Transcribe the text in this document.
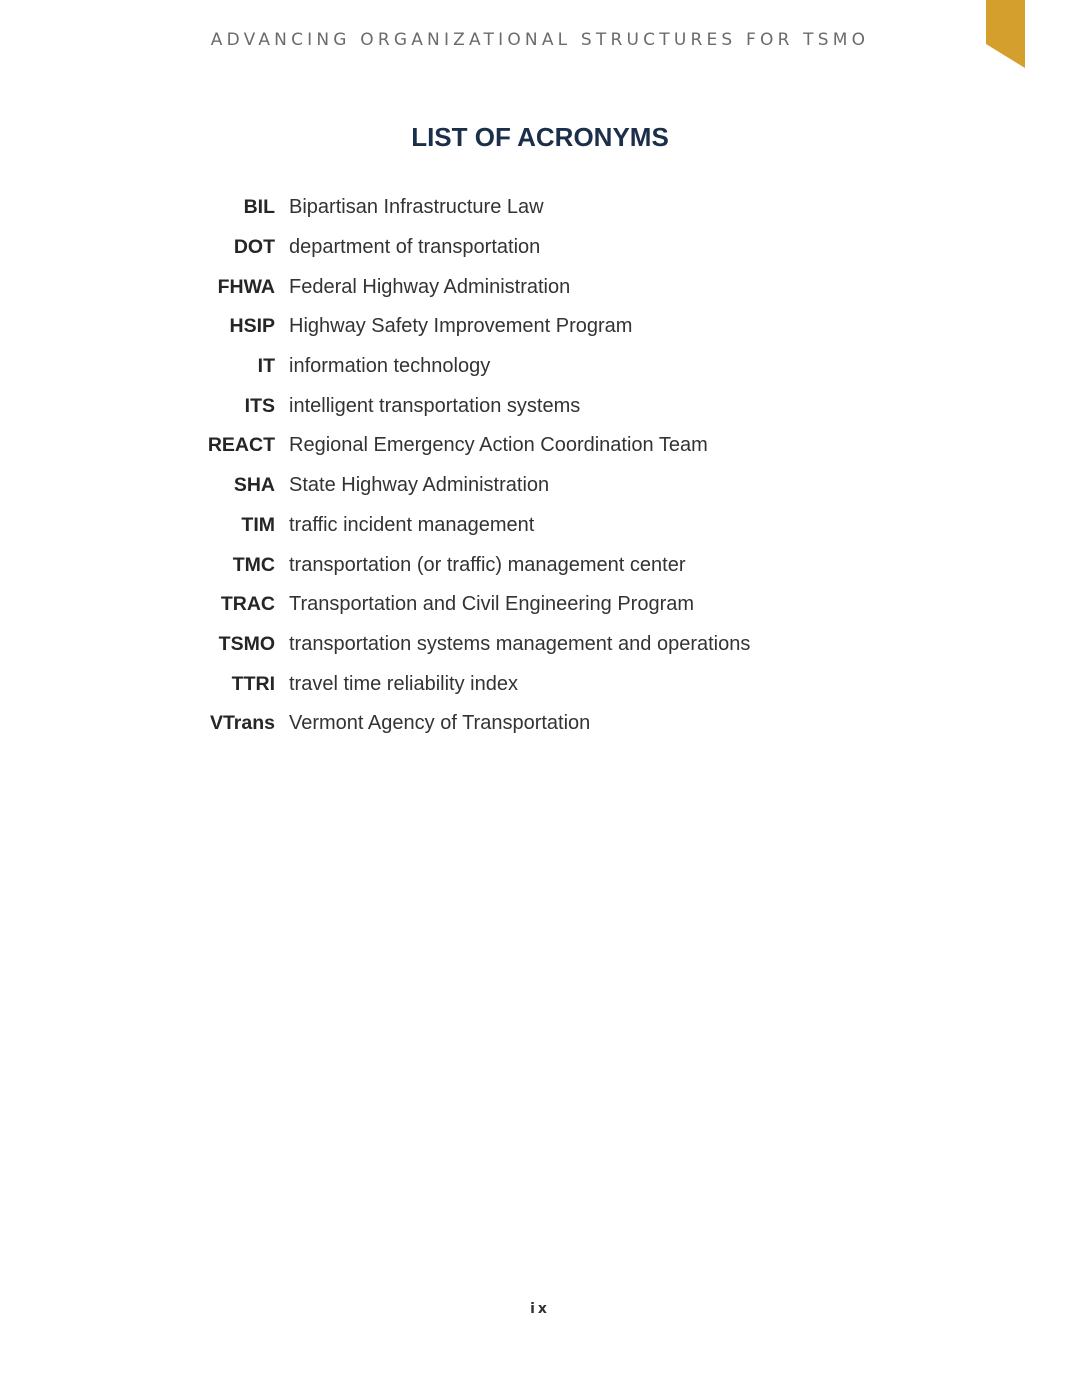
ADVANCING ORGANIZATIONAL STRUCTURES FOR TSMO
LIST OF ACRONYMS
BIL Bipartisan Infrastructure Law
DOT department of transportation
FHWA Federal Highway Administration
HSIP Highway Safety Improvement Program
IT information technology
ITS intelligent transportation systems
REACT Regional Emergency Action Coordination Team
SHA State Highway Administration
TIM traffic incident management
TMC transportation (or traffic) management center
TRAC Transportation and Civil Engineering Program
TSMO transportation systems management and operations
TTRI travel time reliability index
VTrans Vermont Agency of Transportation
ix
